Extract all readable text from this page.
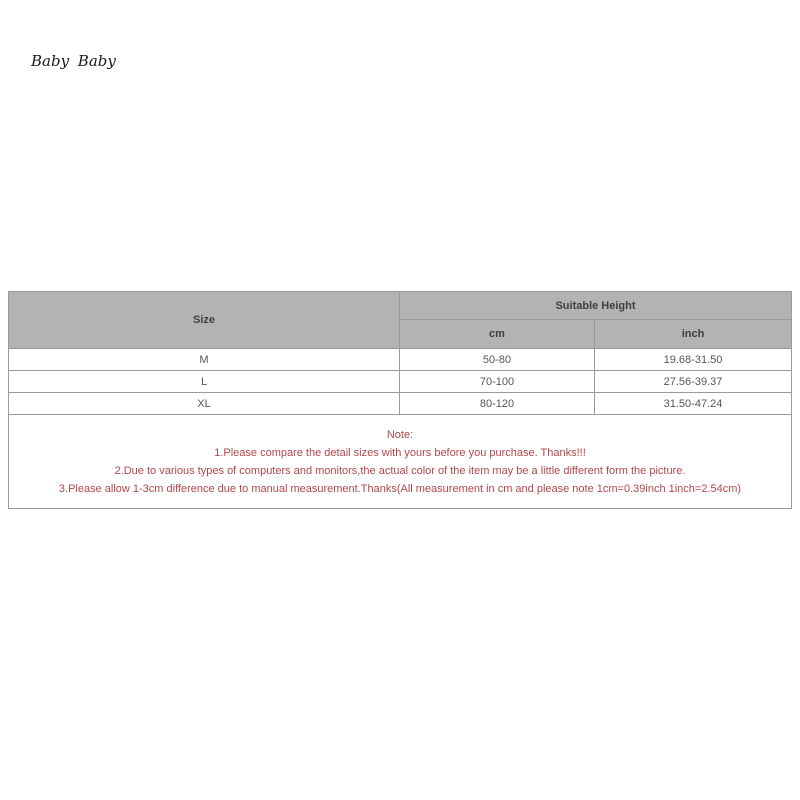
Baby Baby
Size	Suitable Height	
	cm	inch
M	50-80	19.68-31.50
L	70-100	27.56-39.37
XL	80-120	31.50-47.24

Note:
1.Please compare the detail sizes with yours before you purchase. Thanks!!!
2.Due to various types of computers and monitors,the actual color of the item may be a little different form the picture.
3.Please allow 1-3cm difference due to manual measurement.Thanks(All measurement in cm and please note 1cm=0.39inch 1inch=2.54cm)		
